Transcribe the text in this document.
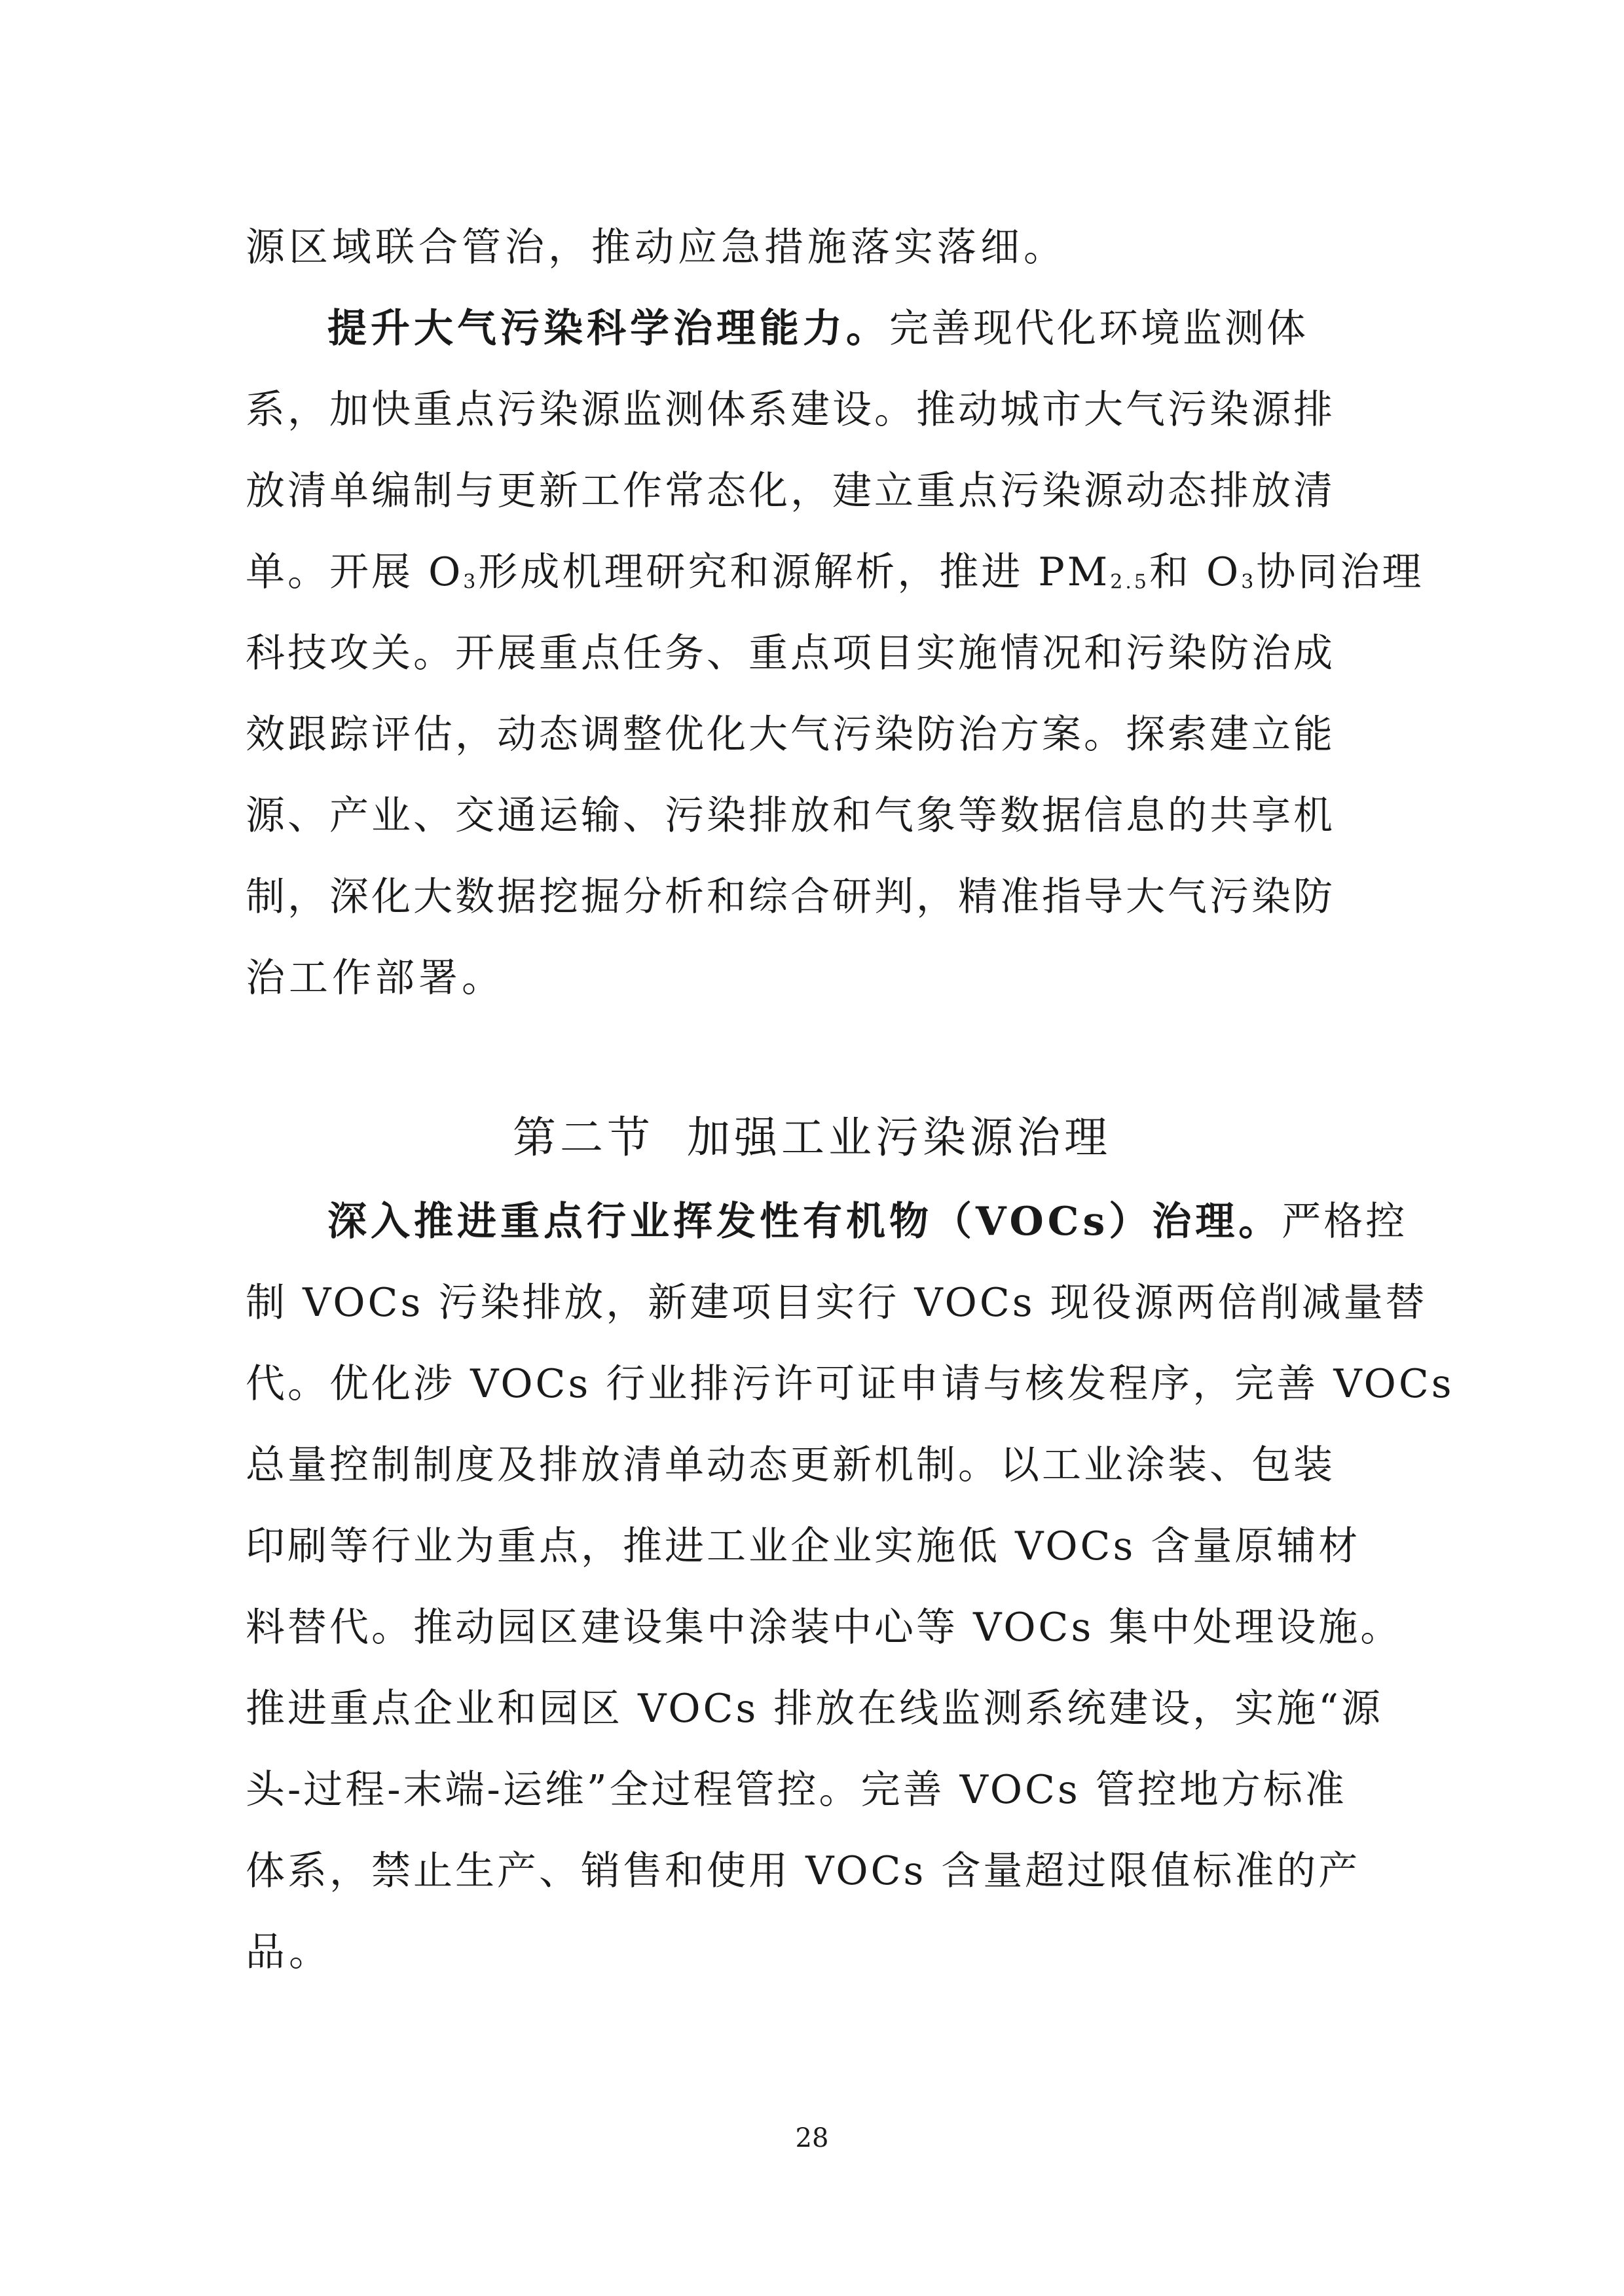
源区域联合管治，推动应急措施落实落细。
提升大气污染科学治理能力。完善现代化环境监测体
系，加快重点污染源监测体系建设。推动城市大气污染源排
放清单编制与更新工作常态化，建立重点污染源动态排放清
单。开展 $O_3$形成机理研究和源解析，推进 $PM_{2.5}$和 $O_3$协同治理
科技攻关。开展重点任务、重点项目实施情况和污染防治成
效跟踪评估，动态调整优化大气污染防治方案。探索建立能
源、产业、交通运输、污染排放和气象等数据信息的共享机
制，深化大数据挖掘分析和综合研判，精准指导大气污染防
治工作部署。
第二节 加强工业污染源治理
深入推进重点行业挥发性有机物（VOCs）治理。严格控
制 VOCs 污染排放，新建项目实行 VOCs 现役源两倍削减量替
代。优化涉 VOCs 行业排污许可证申请与核发程序，完善 VOCs
总量控制制度及排放清单动态更新机制。以工业涂装、包装
印刷等行业为重点，推进工业企业实施低 VOCs 含量原辅材
料替代。推动园区建设集中涂装中心等 VOCs 集中处理设施。
推进重点企业和园区 VOCs 排放在线监测系统建设，实施“源
头-过程-末端-运维”全过程管控。完善 VOCs 管控地方标准
体系，禁止生产、销售和使用 VOCs 含量超过限值标准的产
品。
28
